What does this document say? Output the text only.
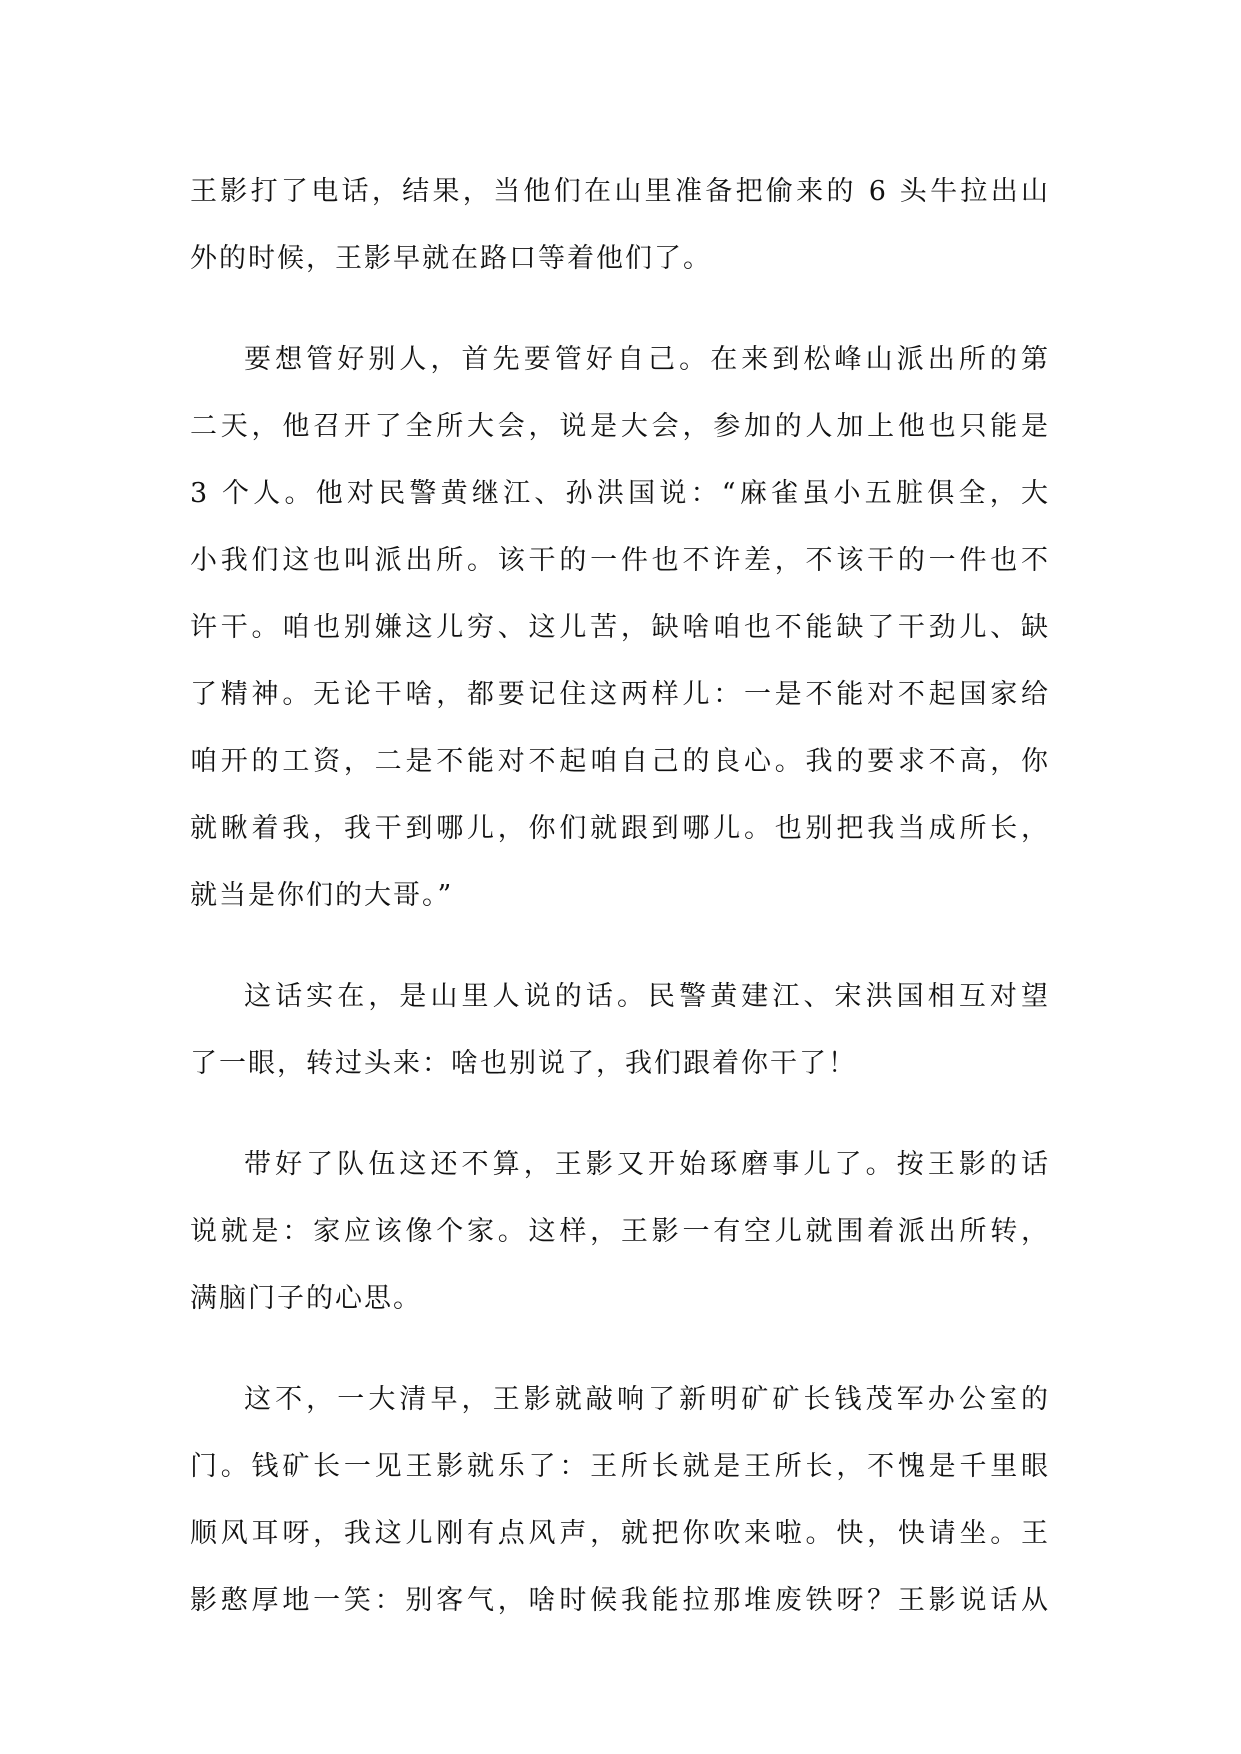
王影打了电话，结果，当他们在山里准备把偷来的 6 头牛拉出山
外的时候，王影早就在路口等着他们了。
要想管好别人，首先要管好自己。在来到松峰山派出所的第
二天，他召开了全所大会，说是大会，参加的人加上他也只能是
3 个人。他对民警黄继江、孙洪国说：“麻雀虽小五脏俱全，大
小我们这也叫派出所。该干的一件也不许差，不该干的一件也不
许干。咱也别嫌这儿穷、这儿苦，缺啥咱也不能缺了干劲儿、缺
了精神。无论干啥，都要记住这两样儿：一是不能对不起国家给
咱开的工资，二是不能对不起咱自己的良心。我的要求不高，你
就瞅着我，我干到哪儿，你们就跟到哪儿。也别把我当成所长，
就当是你们的大哥。”
这话实在，是山里人说的话。民警黄建江、宋洪国相互对望
了一眼，转过头来：啥也别说了，我们跟着你干了！
带好了队伍这还不算，王影又开始琢磨事儿了。按王影的话
说就是：家应该像个家。这样，王影一有空儿就围着派出所转，
满脑门子的心思。
这不，一大清早，王影就敲响了新明矿矿长钱茂军办公室的
门。钱矿长一见王影就乐了：王所长就是王所长，不愧是千里眼
顺风耳呀，我这儿刚有点风声，就把你吹来啦。快，快请坐。王
影憨厚地一笑：别客气，啥时候我能拉那堆废铁呀？王影说话从
